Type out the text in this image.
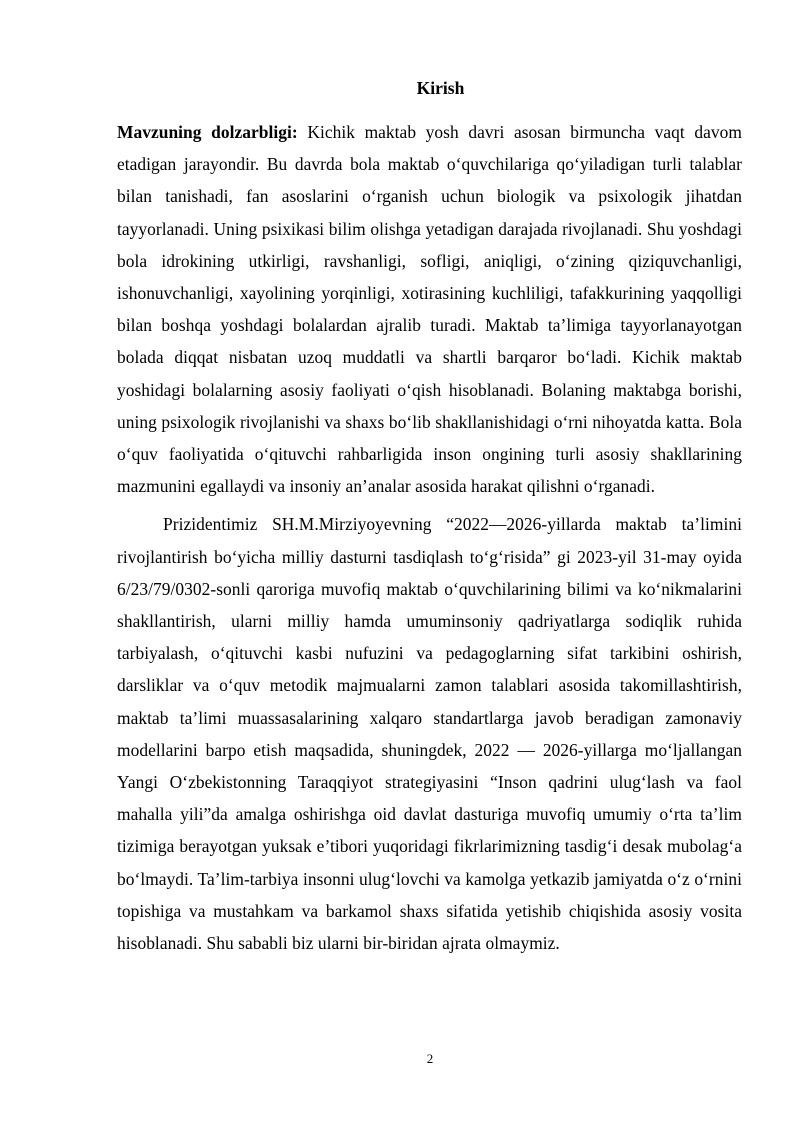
Kirish

Mavzuning dolzarbligi: Kichik maktab yosh davri asosan birmuncha vaqt davom etadigan jarayondir. Bu davrda bola maktab o‘quvchilariga qo‘yiladigan turli talablar bilan tanishadi, fan asoslarini o‘rganish uchun biologik va psixologik jihatdan tayyorlanadi. Uning psixikasi bilim olishga yetadigan darajada rivojlanadi. Shu yoshdagi bola idrokining utkirligi, ravshanligi, sofligi, aniqligi, o‘zining qiziquvchanligi, ishonuvchanligi, xayolining yorqinligi, xotirasining kuchliligi, tafakkurining yaqqolligi bilan boshqa yoshdagi bolalardan ajralib turadi. Maktab ta’limiga tayyorlanayotgan bolada diqqat nisbatan uzoq muddatli va shartli barqaror bo‘ladi. Kichik maktab yoshidagi bolalarning asosiy faoliyati o‘qish hisoblanadi. Bolaning maktabga borishi, uning psixologik rivojlanishi va shaxs bo‘lib shakllanishidagi o‘rni nihoyatda katta. Bola o‘quv faoliyatida o‘qituvchi rahbarligida inson ongining turli asosiy shakllarining mazmunini egallaydi va insoniy an’analar asosida harakat qilishni o‘rganadi.

Prizidentimiz SH.M.Mirziyoyevning “2022—2026-yillarda maktab ta’limini rivojlantirish bo‘yicha milliy dasturni tasdiqlash to‘g‘risida” gi 2023-yil 31-may oyida 6/23/79/0302-sonli qaroriga muvofiq maktab o‘quvchilarining bilimi va ko‘nikmalarini shakllantirish, ularni milliy hamda umuminsoniy qadriyatlarga sodiqlik ruhida tarbiyalash, o‘qituvchi kasbi nufuzini va pedagoglarning sifat tarkibini oshirish, darsliklar va o‘quv metodik majmualarni zamon talablari asosida takomillashtirish, maktab ta’limi muassasalarining xalqaro standartlarga javob beradigan zamonaviy modellarini barpo etish maqsadida, shuningdek, 2022 — 2026-yillarga mo‘ljallangan Yangi O‘zbekistonning Taraqqiyot strategiyasini “Inson qadrini ulug‘lash va faol mahalla yili”da amalga oshirishga oid davlat dasturiga muvofiq umumiy o‘rta ta’lim tizimiga berayotgan yuksak e’tibori yuqoridagi fikrlarimizning tasdig‘i desak mubolag‘a bo‘lmaydi. Ta’lim-tarbiya insonni ulug‘lovchi va kamolga yetkazib jamiyatda o‘z o‘rnini topishiga va mustahkam va barkamol shaxs sifatida yetishib chiqishida asosiy vosita hisoblanadi. Shu sababli biz ularni bir-biridan ajrata olmaymiz.

2
